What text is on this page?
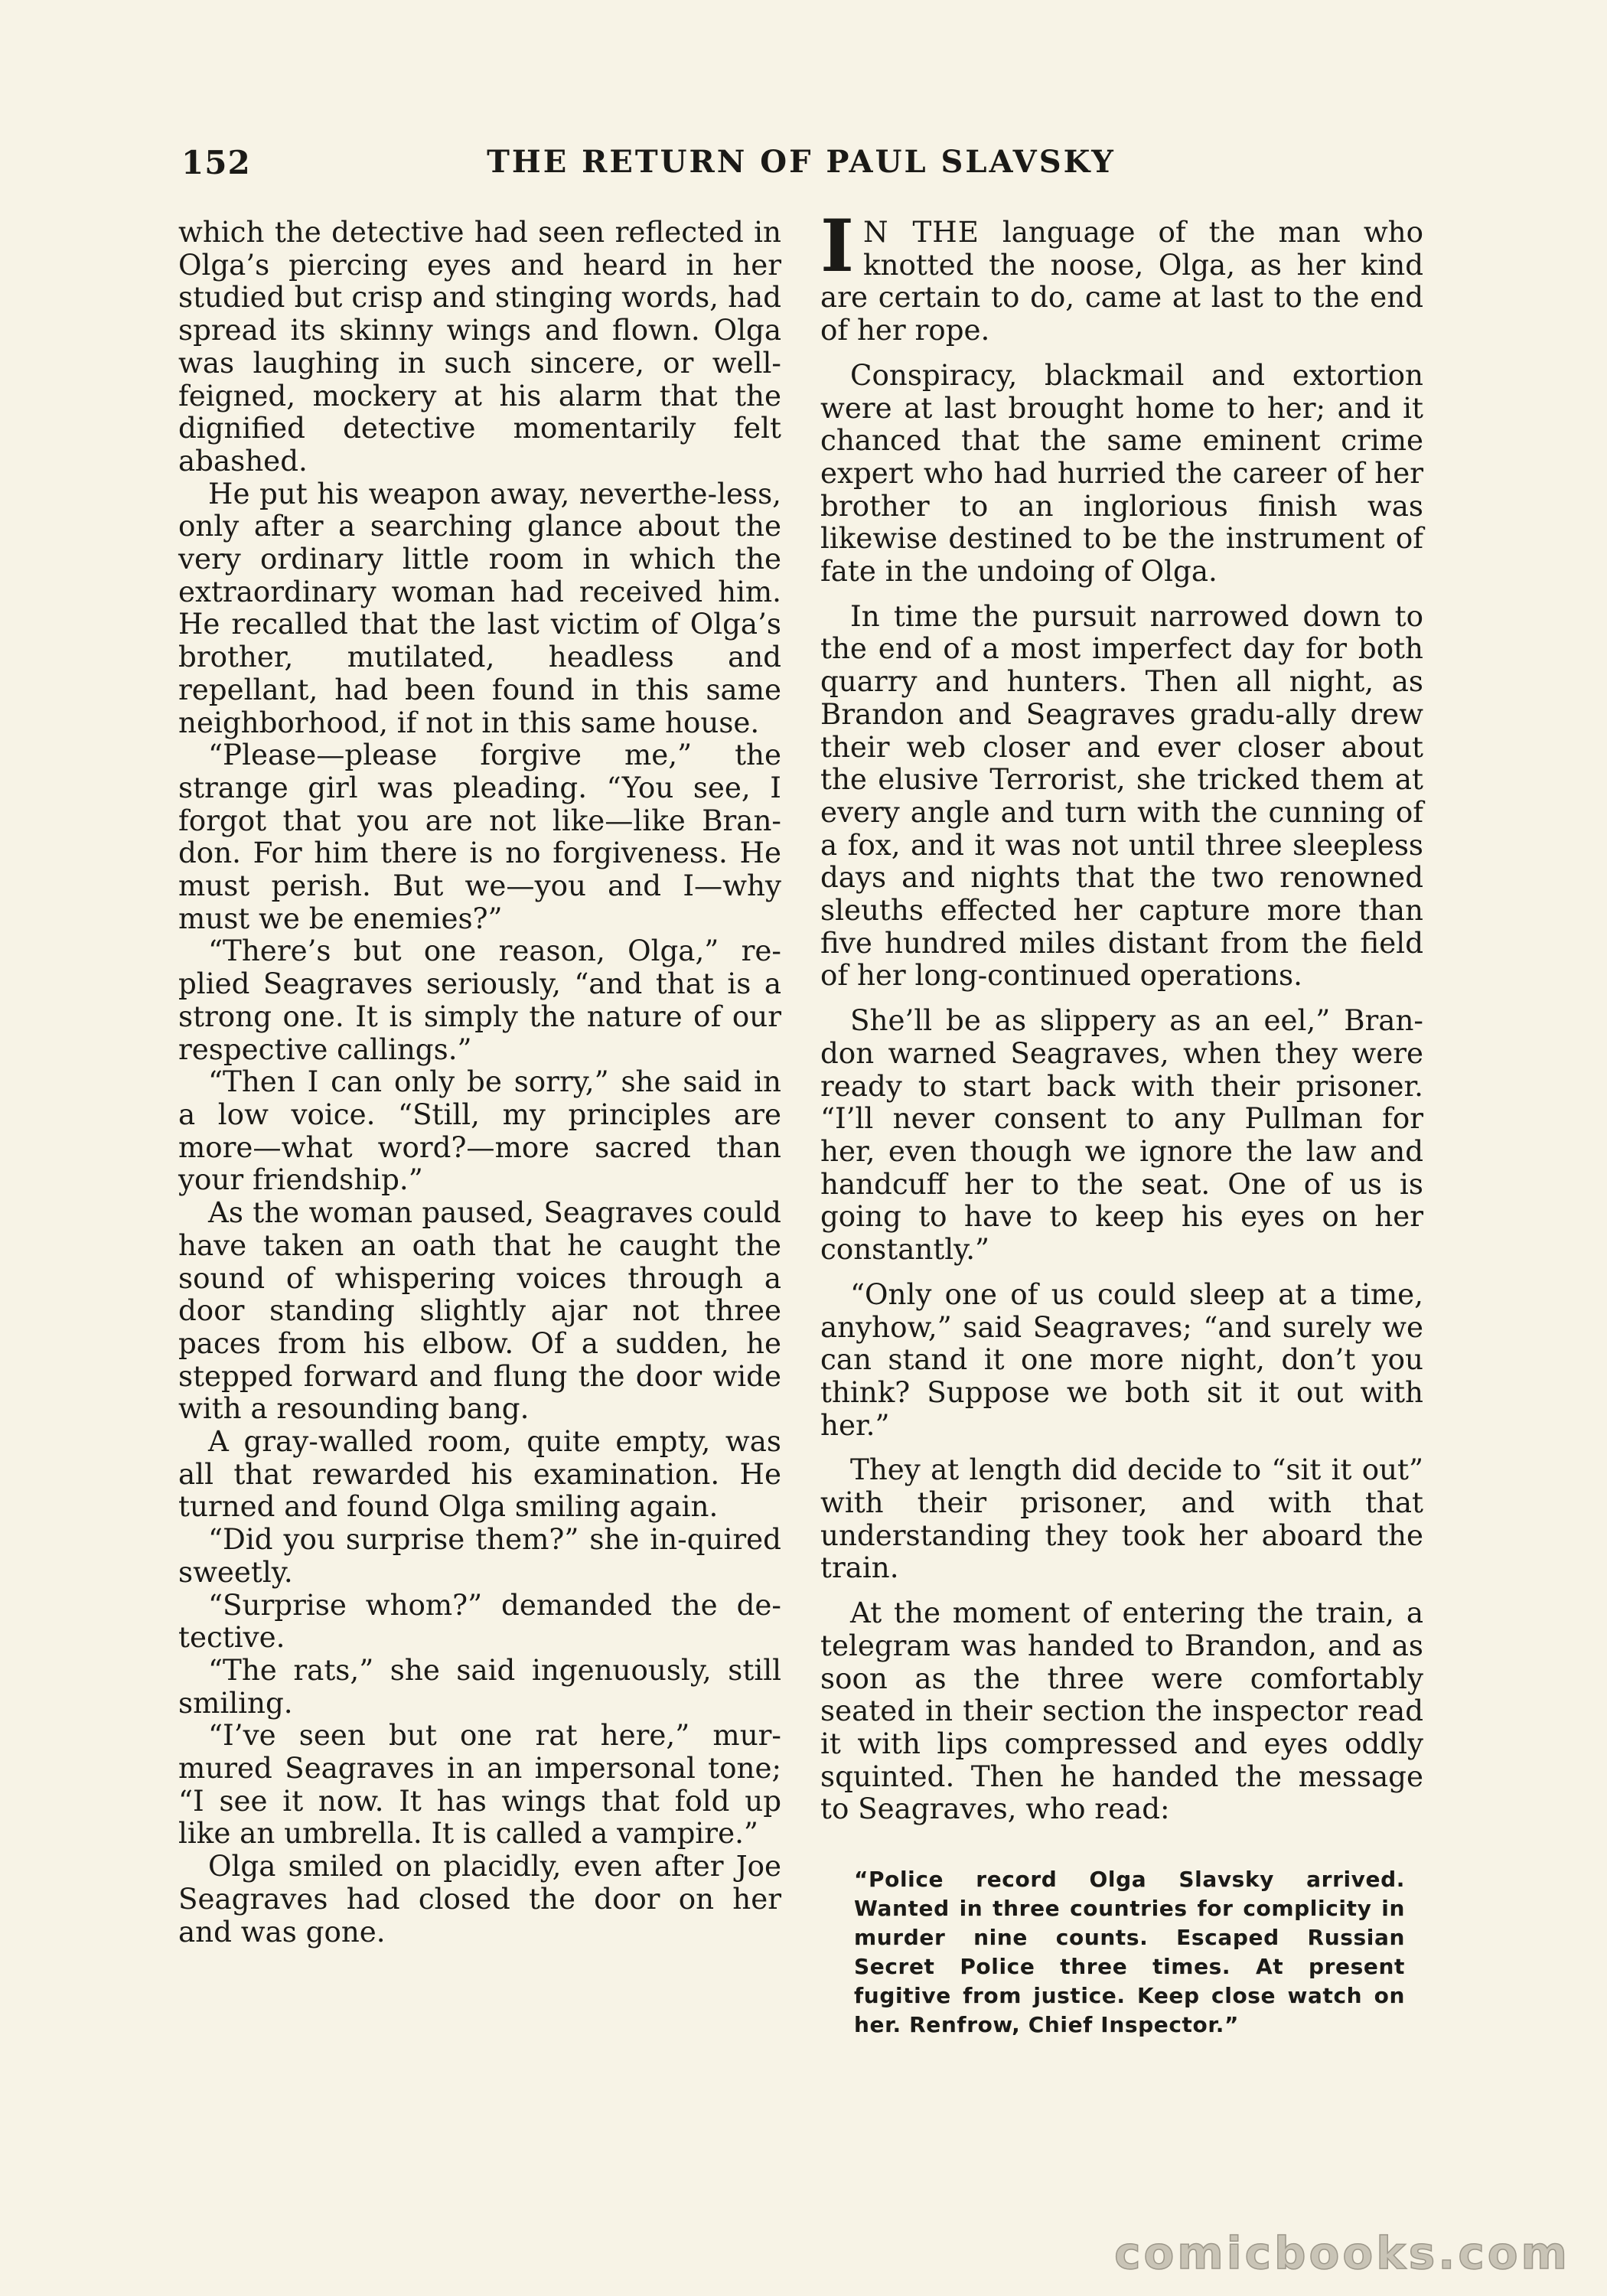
152	THE RETURN OF PAUL SLAVSKY

which the detective had seen reflected in Olga’s piercing eyes and heard in her studied but crisp and stinging words, had spread its skinny wings and flown. Olga was laughing in such sincere, or well-feigned, mockery at his alarm that the dignified detective momentarily felt abashed.

He put his weapon away, neverthe-less, only after a searching glance about the very ordinary little room in which the extraordinary woman had received him. He recalled that the last victim of Olga’s brother, mutilated, headless and repellant, had been found in this same neighborhood, if not in this same house.

“Please—please forgive me,” the strange girl was pleading. “You see, I forgot that you are not like—like Bran-don. For him there is no forgiveness. He must perish. But we—you and I—why must we be enemies?”

“There’s but one reason, Olga,” re-plied Seagraves seriously, “and that is a strong one. It is simply the nature of our respective callings.”

“Then I can only be sorry,” she said in a low voice. “Still, my principles are more—what word?—more sacred than your friendship.”

As the woman paused, Seagraves could have taken an oath that he caught the sound of whispering voices through a door standing slightly ajar not three paces from his elbow. Of a sudden, he stepped forward and flung the door wide with a resounding bang.

A gray-walled room, quite empty, was all that rewarded his examination. He turned and found Olga smiling again.

“Did you surprise them?” she in-quired sweetly.

“Surprise whom?” demanded the de-tective.

“The rats,” she said ingenuously, still smiling.

“I’ve seen but one rat here,” mur-mured Seagraves in an impersonal tone; “I see it now. It has wings that fold up like an umbrella. It is called a vampire.”

Olga smiled on placidly, even after Joe Seagraves had closed the door on her and was gone.

I N THE language of the man who knotted the noose, Olga, as her kind are certain to do, came at last to the end of her rope.

Conspiracy, blackmail and extortion were at last brought home to her; and it chanced that the same eminent crime expert who had hurried the career of her brother to an inglorious finish was likewise destined to be the instrument of fate in the undoing of Olga.

In time the pursuit narrowed down to the end of a most imperfect day for both quarry and hunters. Then all night, as Brandon and Seagraves gradu-ally drew their web closer and ever closer about the elusive Terrorist, she tricked them at every angle and turn with the cunning of a fox, and it was not until three sleepless days and nights that the two renowned sleuths effected her capture more than five hundred miles distant from the field of her long-continued operations.

She’ll be as slippery as an eel,” Bran-don warned Seagraves, when they were ready to start back with their prisoner. “I’ll never consent to any Pullman for her, even though we ignore the law and handcuff her to the seat. One of us is going to have to keep his eyes on her constantly.”

“Only one of us could sleep at a time, anyhow,” said Seagraves; “and surely we can stand it one more night, don’t you think? Suppose we both sit it out with her.”

They at length did decide to “sit it out” with their prisoner, and with that understanding they took her aboard the train.

At the moment of entering the train, a telegram was handed to Brandon, and as soon as the three were comfortably seated in their section the inspector read it with lips compressed and eyes oddly squinted. Then he handed the message to Seagraves, who read:

“Police record Olga Slavsky arrived. Wanted in three countries for complicity in murder nine counts. Escaped Russian Secret Police three times. At present fugitive from justice. Keep close watch on her. Renfrow, Chief Inspector.”
comicbooks.com
